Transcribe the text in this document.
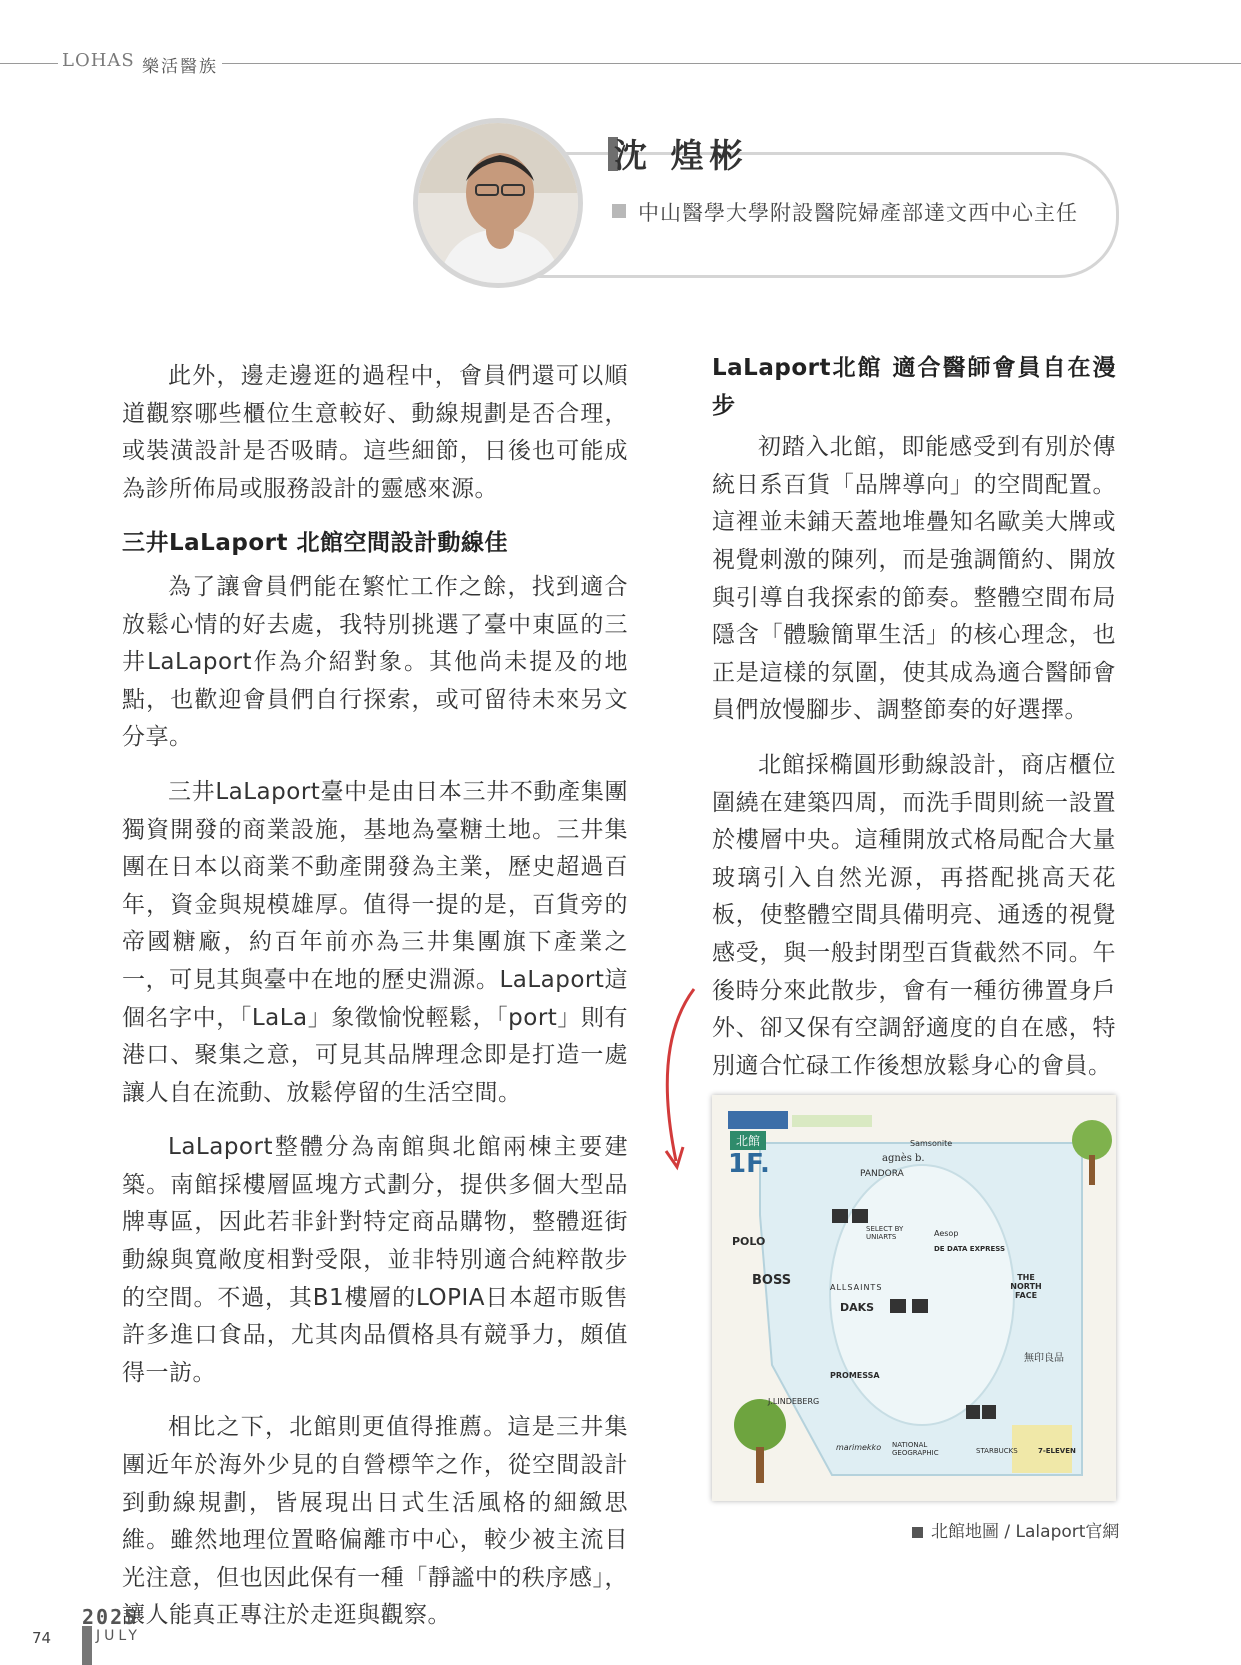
LOHAS 樂活醫族
沈 煌彬
中山醫學大學附設醫院婦產部達文西中心主任

此外，邊走邊逛的過程中，會員們還可以順道觀察哪些櫃位生意較好、動線規劃是否合理，或裝潢設計是否吸睛。這些細節，日後也可能成為診所佈局或服務設計的靈感來源。

三井LaLaport 北館空間設計動線佳

為了讓會員們能在繁忙工作之餘，找到適合放鬆心情的好去處，我特別挑選了臺中東區的三井LaLaport作為介紹對象。其他尚未提及的地點，也歡迎會員們自行探索，或可留待未來另文分享。

三井LaLaport臺中是由日本三井不動產集團獨資開發的商業設施，基地為臺糖土地。三井集團在日本以商業不動產開發為主業，歷史超過百年，資金與規模雄厚。值得一提的是，百貨旁的帝國糖廠，約百年前亦為三井集團旗下產業之一，可見其與臺中在地的歷史淵源。LaLaport這個名字中，「LaLa」象徵愉悅輕鬆，「port」則有港口、聚集之意，可見其品牌理念即是打造一處讓人自在流動、放鬆停留的生活空間。

LaLaport整體分為南館與北館兩棟主要建築。南館採樓層區塊方式劃分，提供多個大型品牌專區，因此若非針對特定商品購物，整體逛街動線與寬敞度相對受限，並非特別適合純粹散步的空間。不過，其B1樓層的LOPIA日本超市販售許多進口食品，尤其肉品價格具有競爭力，頗值得一訪。

相比之下，北館則更值得推薦。這是三井集團近年於海外少見的自營標竿之作，從空間設計到動線規劃，皆展現出日式生活風格的細緻思維。雖然地理位置略偏離市中心，較少被主流目光注意，但也因此保有一種「靜謐中的秩序感」，讓人能真正專注於走逛與觀察。

LaLaport北館 適合醫師會員自在漫步

初踏入北館，即能感受到有別於傳統日系百貨「品牌導向」的空間配置。這裡並未鋪天蓋地堆疊知名歐美大牌或視覺刺激的陳列，而是強調簡約、開放與引導自我探索的節奏。整體空間布局隱含「體驗簡單生活」的核心理念，也正是這樣的氛圍，使其成為適合醫師會員們放慢腳步、調整節奏的好選擇。

北館採橢圓形動線設計，商店櫃位圍繞在建築四周，而洗手間則統一設置於樓層中央。這種開放式格局配合大量玻璃引入自然光源，再搭配挑高天花板，使整體空間具備明亮、通透的視覺感受，與一般封閉型百貨截然不同。午後時分來此散步，會有一種彷彿置身戶外、卻又保有空調舒適度的自在感，特別適合忙碌工作後想放鬆身心的會員。

北館
1F.	agnès b.
PANDORA
Samsonite
POLO
BOSS	ALLSAINTS
DAKS
THE NORTH FACE
無印良品
PROMESSA
J.LINDEBERG
marimekko NATIONAL GEOGRAPHIC	STARBUCKS	7-ELEVEN
DE DATA EXPRESS
Aesop
SELECT BY UNIARTS
北館地圖 / Lalaport官網
74
2025
JULY
